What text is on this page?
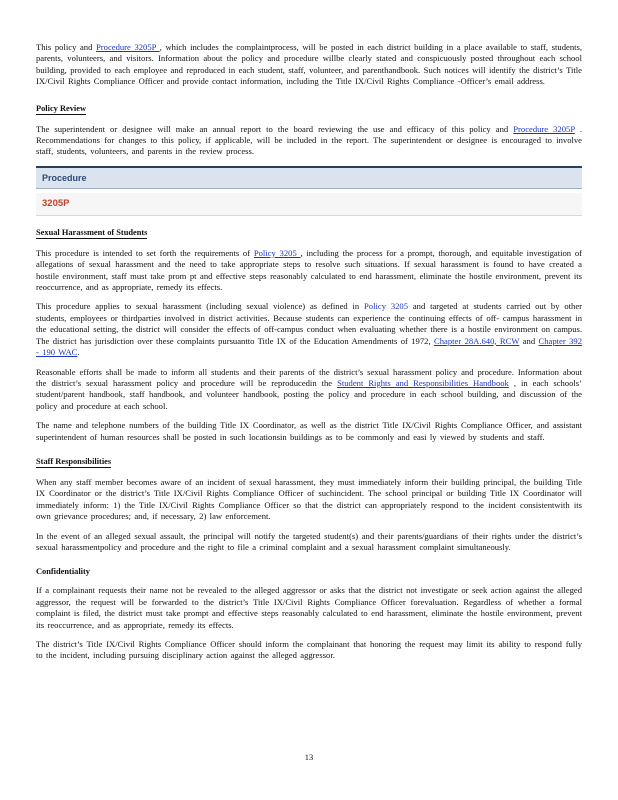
This policy and Procedure 3205P , which includes the complaintprocess, will be posted in each district building in a place available to staff, students, parents, volunteers, and visitors. Information about the policy and procedure willbe clearly stated and conspicuously posted throughout each school building, provided to each employee and reproduced in each student, staff, volunteer, and parenthandbook. Such notices will identify the district’s Title IX/Civil Rights Compliance Officer and provide contact information, including the Title IX/Civil Rights Compliance -Officer’s email address.

Policy Review

The superintendent or designee will make an annual report to the board reviewing the use and efficacy of this policy and Procedure 3205P . Recommendations for changes to this policy, if applicable, will be included in the report. The superintendent or designee is encouraged to involve staff, students, volunteers, and parents in the review process.

Procedure
3205P
Sexual Harassment of Students

This procedure is intended to set forth the requirements of Policy 3205 , including the process for a prompt, thorough, and equitable investigation of allegations of sexual harassment and the need to take appropriate steps to resolve such situations. If sexual harassment is found to have created a hostile environment, staff must take prom pt and effective steps reasonably calculated to end harassment, eliminate the hostile environment, prevent its reoccurrence, and as appropriate, remedy its effects.

This procedure applies to sexual harassment (including sexual violence) as defined in Policy 3205 and targeted at students carried out by other students, employees or thirdparties involved in district activities. Because students can experience the continuing effects of off- campus harassment in the educational setting, the district will consider the effects of off-campus conduct when evaluating whether there is a hostile environment on campus. The district has jurisdiction over these complaints pursuantto Title IX of the Education Amendments of 1972, Chapter 28A.640, RCW and Chapter 392 - 190 WAC.

Reasonable efforts shall be made to inform all students and their parents of the district’s sexual harassment policy and procedure. Information about the district’s sexual harassment policy and procedure will be reproducedin the Student Rights and Responsibilities Handbook , in each schools’ student/parent handbook, staff handbook, and volunteer handbook, posting the policy and procedure in each school building, and discussion of the policy and procedure at each school.

The name and telephone numbers of the building Title IX Coordinator, as well as the district Title IX/Civil Rights Compliance Officer, and assistant superintendent of human resources shall be posted in such locationsin buildings as to be commonly and easi ly viewed by students and staff.

Staff Responsibilities

When any staff member becomes aware of an incident of sexual harassment, they must immediately inform their building principal, the building Title IX Coordinator or the district’s Title IX/Civil Rights Compliance Officer of suchincident. The school principal or building Title IX Coordinator will immediately inform: 1) the Title IX/Civil Rights Compliance Officer so that the district can appropriately respond to the incident consistentwith its own grievance procedures; and, if necessary, 2) law enforcement.

In the event of an alleged sexual assault, the principal will notify the targeted student(s) and their parents/guardians of their rights under the district’s sexual harassmentpolicy and procedure and the right to file a criminal complaint and a sexual harassment complaint simultaneously.

Confidentiality

If a complainant requests their name not be revealed to the alleged aggressor or asks that the district not investigate or seek action against the alleged aggressor, the request will be forwarded to the district’s Title IX/Civil Rights Compliance Officer forevaluation. Regardless of whether a formal complaint is filed, the district must take prompt and effective steps reasonably calculated to end harassment, eliminate the hostile environment, prevent its reoccurrence, and as appropriate, remedy its effects.

The district’s Title IX/Civil Rights Compliance Officer should inform the complainant that honoring the request may limit its ability to respond fully to the incident, including pursuing disciplinary action against the alleged aggressor.

13
